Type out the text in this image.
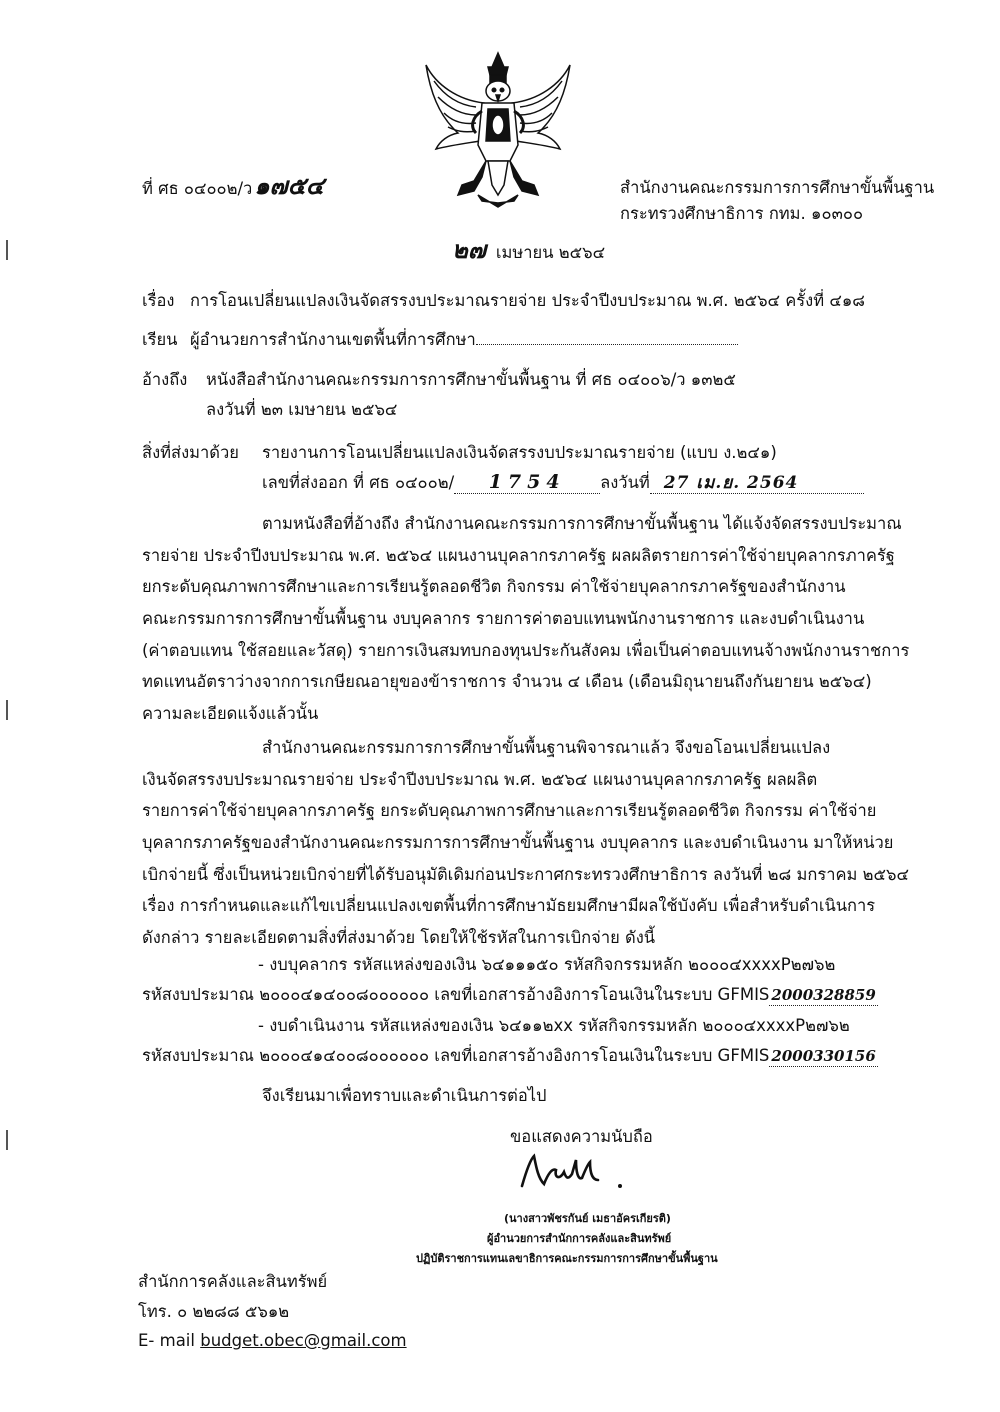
ที่ ศธ ๐๔๐๐๒/ว๑๗๕๔	สำนักงานคณะกรรมการการศึกษาขั้นพื้นฐาน
กระทรวงศึกษาธิการ กทม. ๑๐๓๐๐
๒๗ เมษายน ๒๕๖๔
เรื่อง การโอนเปลี่ยนแปลงเงินจัดสรรงบประมาณรายจ่าย ประจำปีงบประมาณ พ.ศ. ๒๕๖๔ ครั้งที่ ๔๑๘
เรียน ผู้อำนวยการสำนักงานเขตพื้นที่การศึกษา
อ้างถึง หนังสือสำนักงานคณะกรรมการการศึกษาขั้นพื้นฐาน ที่ ศธ ๐๔๐๐๖/ว ๑๓๒๕
ลงวันที่ ๒๓ เมษายน ๒๕๖๔
สิ่งที่ส่งมาด้วย รายงานการโอนเปลี่ยนแปลงเงินจัดสรรงบประมาณรายจ่าย (แบบ ง.๒๔๑)
เลขที่ส่งออก ที่ ศธ ๐๔๐๐๒/ 1754 ลงวันที่ 27 เม.ย. 2564
ตามหนังสือที่อ้างถึง สำนักงานคณะกรรมการการศึกษาขั้นพื้นฐาน ได้แจ้งจัดสรรงบประมาณ
รายจ่าย ประจำปีงบประมาณ พ.ศ. ๒๕๖๔ แผนงานบุคลากรภาครัฐ ผลผลิตรายการค่าใช้จ่ายบุคลากรภาครัฐ
ยกระดับคุณภาพการศึกษาและการเรียนรู้ตลอดชีวิต กิจกรรม ค่าใช้จ่ายบุคลากรภาครัฐของสำนักงาน
คณะกรรมการการศึกษาขั้นพื้นฐาน งบบุคลากร รายการค่าตอบแทนพนักงานราชการ และงบดำเนินงาน
(ค่าตอบแทน ใช้สอยและวัสดุ) รายการเงินสมทบกองทุนประกันสังคม เพื่อเป็นค่าตอบแทนจ้างพนักงานราชการ
ทดแทนอัตราว่างจากการเกษียณอายุของข้าราชการ จำนวน ๔ เดือน (เดือนมิถุนายนถึงกันยายน ๒๕๖๔)
ความละเอียดแจ้งแล้วนั้น
สำนักงานคณะกรรมการการศึกษาขั้นพื้นฐานพิจารณาแล้ว จึงขอโอนเปลี่ยนแปลง
เงินจัดสรรงบประมาณรายจ่าย ประจำปีงบประมาณ พ.ศ. ๒๕๖๔ แผนงานบุคลากรภาครัฐ ผลผลิต
รายการค่าใช้จ่ายบุคลากรภาครัฐ ยกระดับคุณภาพการศึกษาและการเรียนรู้ตลอดชีวิต กิจกรรม ค่าใช้จ่าย
บุคลากรภาครัฐของสำนักงานคณะกรรมการการศึกษาขั้นพื้นฐาน งบบุคลากร และงบดำเนินงาน มาให้หน่วย
เบิกจ่ายนี้ ซึ่งเป็นหน่วยเบิกจ่ายที่ได้รับอนุมัติเดิมก่อนประกาศกระทรวงศึกษาธิการ ลงวันที่ ๒๘ มกราคม ๒๕๖๔
เรื่อง การกำหนดและแก้ไขเปลี่ยนแปลงเขตพื้นที่การศึกษามัธยมศึกษามีผลใช้บังคับ เพื่อสำหรับดำเนินการ
ดังกล่าว รายละเอียดตามสิ่งที่ส่งมาด้วย โดยให้ใช้รหัสในการเบิกจ่าย ดังนี้
- งบบุคลากร รหัสแหล่งของเงิน ๖๔๑๑๑๕๐ รหัสกิจกรรมหลัก ๒๐๐๐๔xxxxP๒๗๖๒
รหัสงบประมาณ ๒๐๐๐๔๑๔๐๐๘๐๐๐๐๐๐ เลขที่เอกสารอ้างอิงการโอนเงินในระบบ GFMIS 2000328859
- งบดำเนินงาน รหัสแหล่งของเงิน ๖๔๑๑๒xx รหัสกิจกรรมหลัก ๒๐๐๐๔xxxxP๒๗๖๒
รหัสงบประมาณ ๒๐๐๐๔๑๔๐๐๘๐๐๐๐๐๐ เลขที่เอกสารอ้างอิงการโอนเงินในระบบ GFMIS 2000330156
จึงเรียนมาเพื่อทราบและดำเนินการต่อไป
ขอแสดงความนับถือ
(นางสาวพัชรกันย์ เมธาอัครเกียรติ)
ผู้อำนวยการสำนักการคลังและสินทรัพย์
ปฏิบัติราชการแทนเลขาธิการคณะกรรมการการศึกษาขั้นพื้นฐาน
สำนักการคลังและสินทรัพย์
โทร. ๐ ๒๒๘๘ ๕๖๑๒
E- mail budget.obec@gmail.com
